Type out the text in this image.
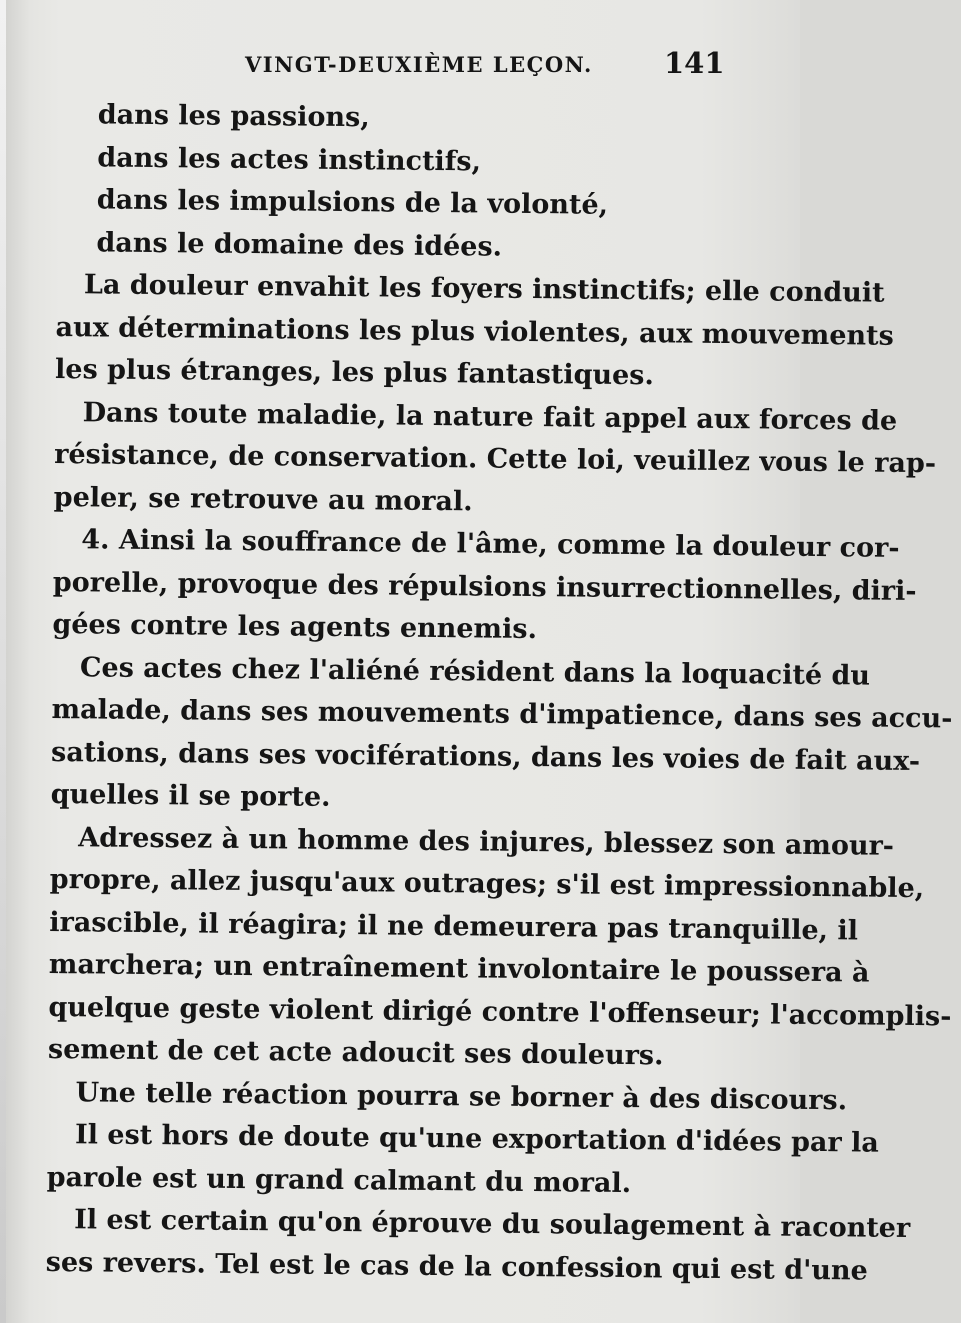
VINGT-DEUXIÈME LEÇON. 141
dans les passions,
dans les actes instinctifs,
dans les impulsions de la volonté,
dans le domaine des idées.
La douleur envahit les foyers instinctifs; elle conduit
aux déterminations les plus violentes, aux mouvements
les plus étranges, les plus fantastiques.
Dans toute maladie, la nature fait appel aux forces de
résistance, de conservation. Cette loi, veuillez vous le rap-
peler, se retrouve au moral.
4. Ainsi la souffrance de l'âme, comme la douleur cor-
porelle, provoque des répulsions insurrectionnelles, diri-
gées contre les agents ennemis.
Ces actes chez l'aliéné résident dans la loquacité du
malade, dans ses mouvements d'impatience, dans ses accu-
sations, dans ses vociférations, dans les voies de fait aux-
quelles il se porte.
Adressez à un homme des injures, blessez son amour-
propre, allez jusqu'aux outrages; s'il est impressionnable,
irascible, il réagira; il ne demeurera pas tranquille, il
marchera; un entraînement involontaire le poussera à
quelque geste violent dirigé contre l'offenseur; l'accomplis-
sement de cet acte adoucit ses douleurs.
Une telle réaction pourra se borner à des discours.
Il est hors de doute qu'une exportation d'idées par la
parole est un grand calmant du moral.
Il est certain qu'on éprouve du soulagement à raconter
ses revers. Tel est le cas de la confession qui est d'une
